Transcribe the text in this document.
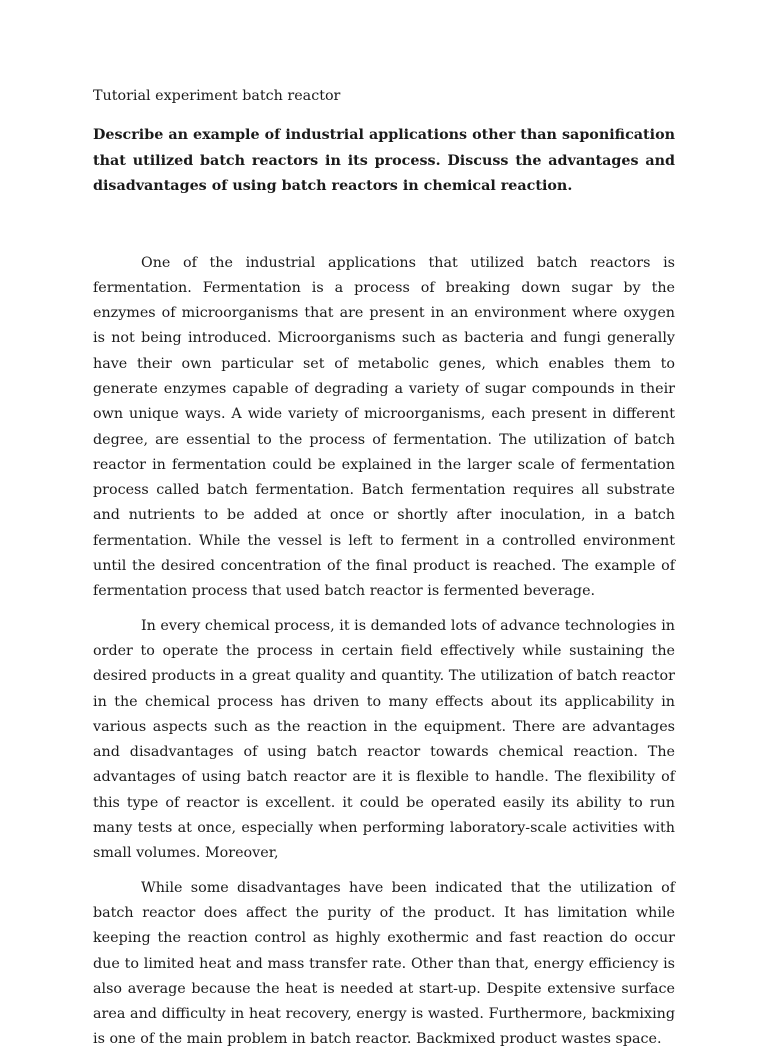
Tutorial experiment batch reactor

Describe an example of industrial applications other than saponification that utilized batch reactors in its process. Discuss the advantages and disadvantages of using batch reactors in chemical reaction.

One of the industrial applications that utilized batch reactors is fermentation. Fermentation is a process of breaking down sugar by the enzymes of microorganisms that are present in an environment where oxygen is not being introduced. Microorganisms such as bacteria and fungi generally have their own particular set of metabolic genes, which enables them to generate enzymes capable of degrading a variety of sugar compounds in their own unique ways. A wide variety of microorganisms, each present in different degree, are essential to the process of fermentation. The utilization of batch reactor in fermentation could be explained in the larger scale of fermentation process called batch fermentation. Batch fermentation requires all substrate and nutrients to be added at once or shortly after inoculation, in a batch fermentation. While the vessel is left to ferment in a controlled environment until the desired concentration of the final product is reached. The example of fermentation process that used batch reactor is fermented beverage.

In every chemical process, it is demanded lots of advance technologies in order to operate the process in certain field effectively while sustaining the desired products in a great quality and quantity. The utilization of batch reactor in the chemical process has driven to many effects about its applicability in various aspects such as the reaction in the equipment. There are advantages and disadvantages of using batch reactor towards chemical reaction. The advantages of using batch reactor are it is flexible to handle. The flexibility of this type of reactor is excellent. it could be operated easily its ability to run many tests at once, especially when performing laboratory-scale activities with small volumes. Moreover,

While some disadvantages have been indicated that the utilization of batch reactor does affect the purity of the product. It has limitation while keeping the reaction control as highly exothermic and fast reaction do occur due to limited heat and mass transfer rate. Other than that, energy efficiency is also average because the heat is needed at start-up. Despite extensive surface area and difficulty in heat recovery, energy is wasted. Furthermore, backmixing is one of the main problem in batch reactor. Backmixed product wastes space.
